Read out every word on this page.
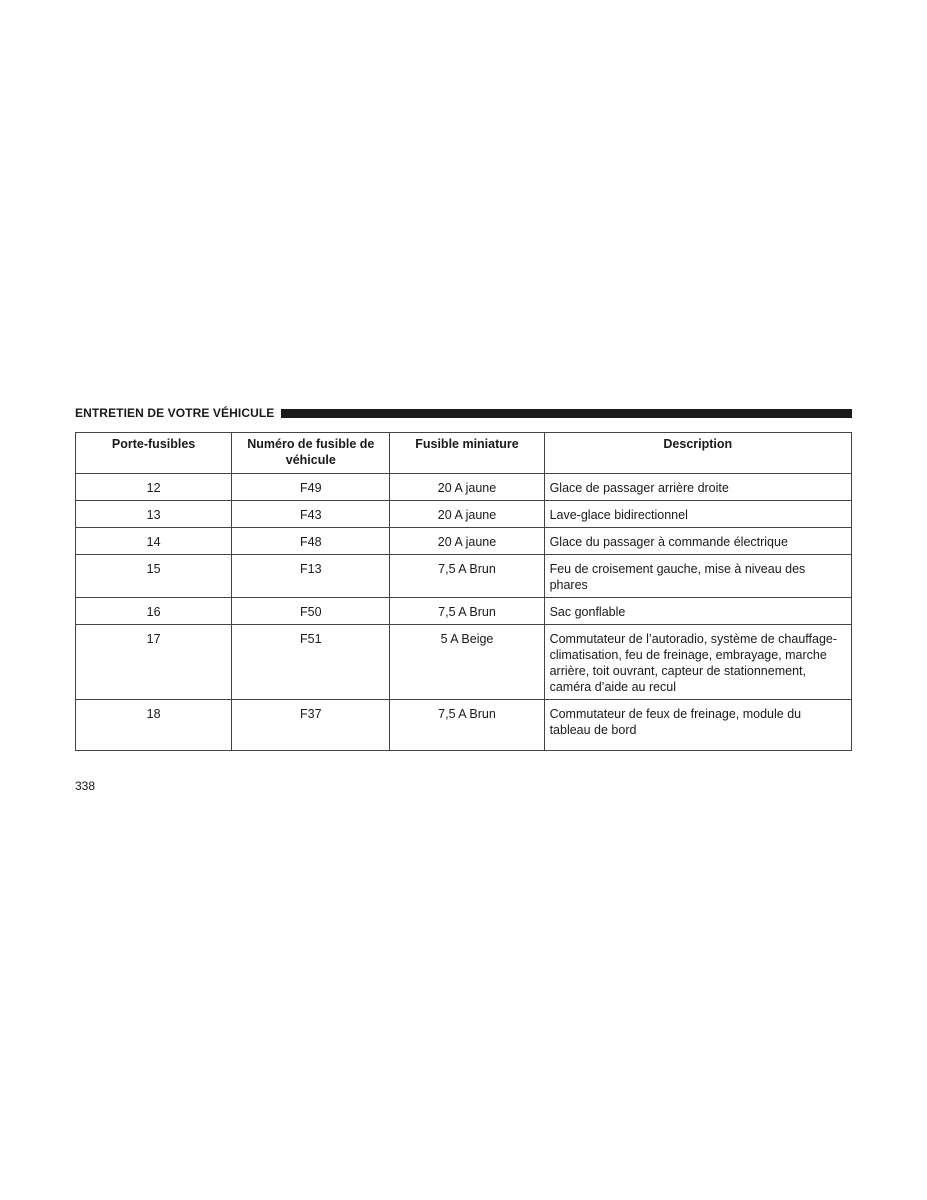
ENTRETIEN DE VOTRE VÉHICULE
Porte-fusibles	Numéro de fusible de véhicule	Fusible miniature	Description
12	F49	20 A jaune	Glace de passager arrière droite
13	F43	20 A jaune	Lave-glace bidirectionnel
14	F48	20 A jaune	Glace du passager à commande électrique
15	F13	7,5 A Brun	Feu de croisement gauche, mise à niveau des phares
16	F50	7,5 A Brun	Sac gonflable
17	F51	5 A Beige	Commutateur de l’autoradio, système de chauffage-climatisation, feu de freinage, embrayage, marche arrière, toit ouvrant, capteur de stationnement, caméra d’aide au recul
18	F37	7,5 A Brun	Commutateur de feux de freinage, module du tableau de bord
338
